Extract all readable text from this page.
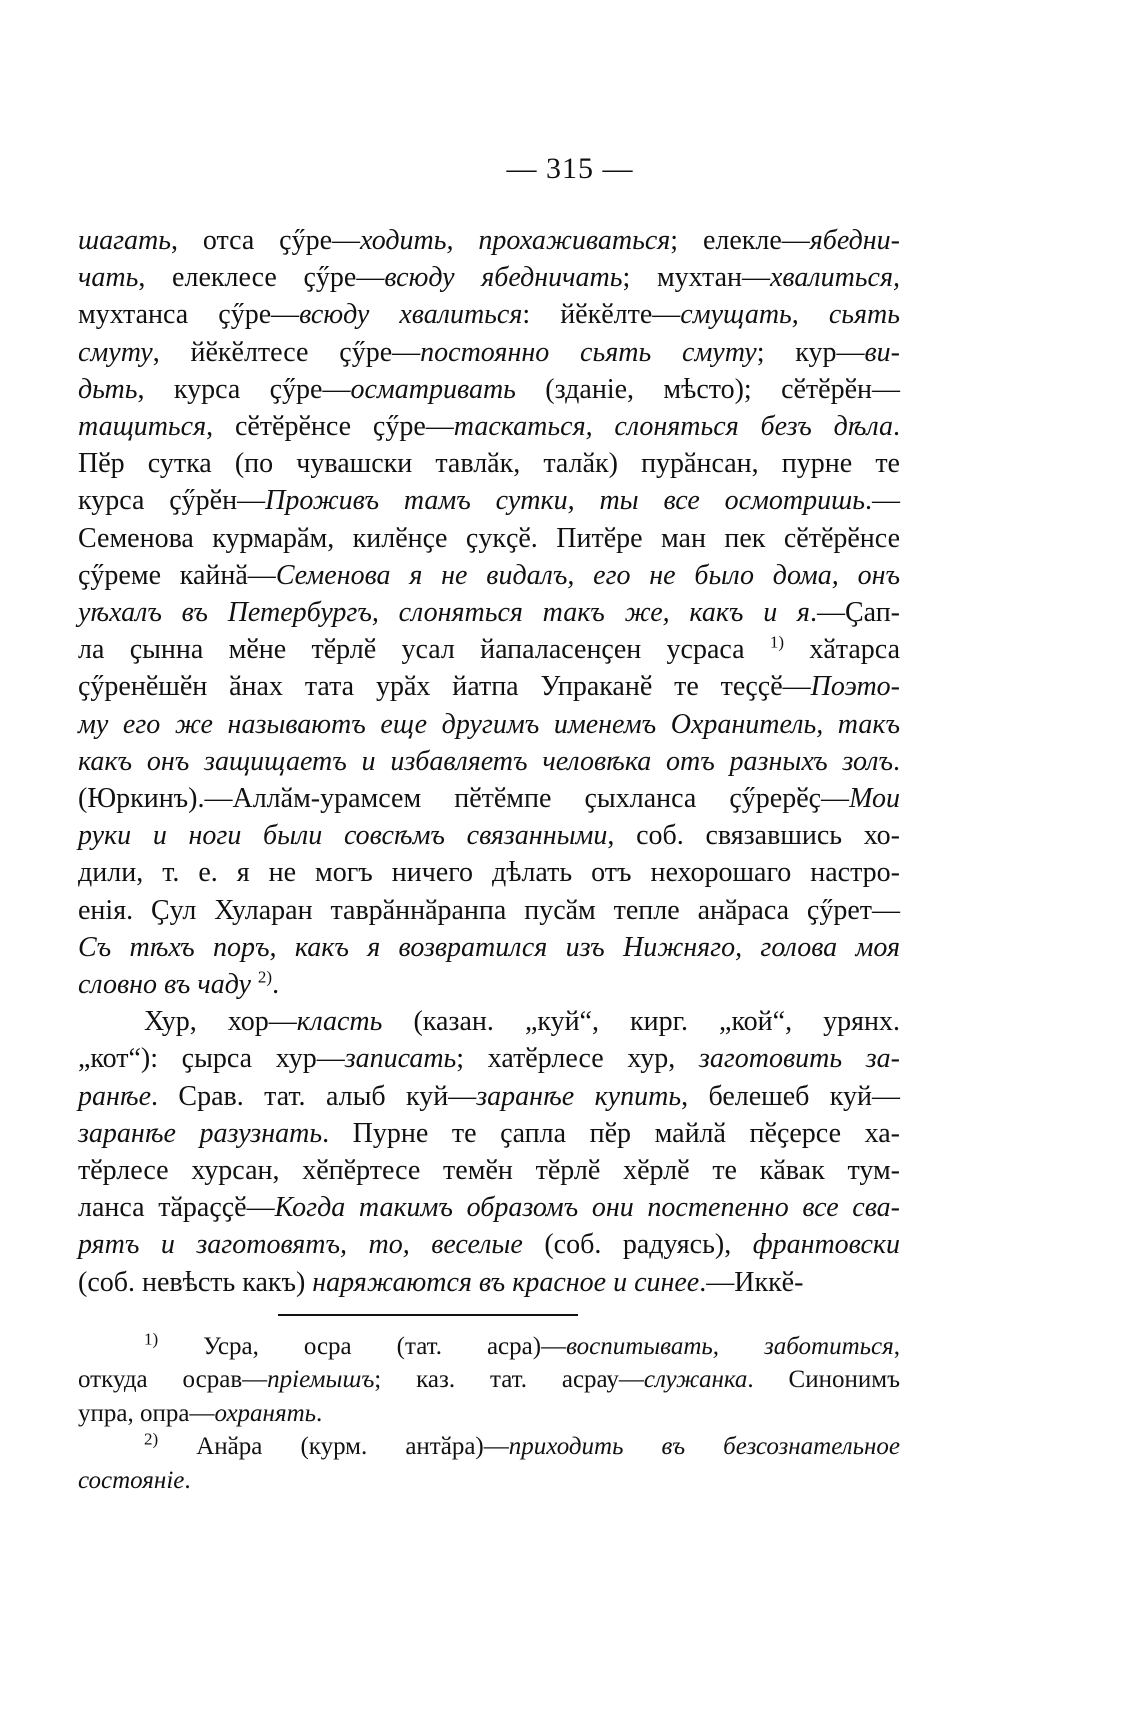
— 315 —

шагать, отса ҫӳре—ходить, прохаживаться; елекле—ябедни-
чать, елеклесе ҫӳре—всюду ябедничать; мухтан—хвалиться,
мухтанса ҫӳре—всюду хвалиться: йӗкӗлте—смущать, сьять
смуту, йӗкӗлтесе ҫӳре—постоянно сьять смуту; кур—ви-
дьть, курса ҫӳре—осматривать (зданіе, мѣсто); сӗтӗрӗн—
тащиться, сӗтӗрӗнсе ҫӳре—таскаться, слоняться безъ дѣла.
Пӗр сутка (по чувашски тавлӑк, талӑк) пурӑнсан, пурне те
курса ҫӳрӗн—Проживъ тамъ сутки, ты все осмотришь.—
Семенова курмарӑм, килӗнҫе ҫукҫӗ. Питӗре ман пек сӗтӗрӗнсе
ҫӳреме кайнӑ—Семенова я не видалъ, его не было дома, онъ
уѣхалъ въ Петербургъ, слоняться такъ же, какъ и я.—Ҫап-
ла ҫынна мӗне тӗрлӗ усал йапаласенҫен усраса $^{1)}$ хӑтарса
ҫӳренӗшӗн ӑнах тата урӑх йатпа Упраканӗ те теҫҫӗ—Поэто-
му его же называютъ еще другимъ именемъ Охранитель, такъ
какъ онъ защищаетъ и избавляетъ человѣка отъ разныхъ золъ.
(Юркинъ).—Аллӑм-урамсем пӗтӗмпе ҫыхланса ҫӳрерӗҫ—Мои
руки и ноги были совсѣмъ связанными, соб. связавшись хо-
дили, т. е. я не могъ ничего дѣлать отъ нехорошаго настро-
енія. Ҫул Хуларан таврӑннӑранпа пусӑм тепле анӑраса ҫӳрет—
Съ тѣхъ поръ, какъ я возвратился изъ Нижняго, голова моя
словно въ чаду $^{2)}$.

Хур, хор—класть (казан. „куй“, кирг. „кой“, урянх.
„кот“): ҫырса хур—записать; хатӗрлесе хур, заготовить за-
ранѣе. Срав. тат. алыб куй—заранѣе купить, белешеб куй—
заранѣе разузнать. Пурне те ҫапла пӗр майлӑ пӗҫерсе ха-
тӗрлесе хурсан, хӗпӗртесе темӗн тӗрлӗ хӗрлӗ те кӑвак тум-
ланса тӑраҫҫӗ—Когда такимъ образомъ они постепенно все сва-
рятъ и заготовятъ, то, веселые (соб. радуясь), франтовски
(соб. невѣсть какъ) наряжаются въ красное и синее.—Иккӗ-

$^{1)}$ Усра, осра (тат. асра)—воспитывать, заботиться,
откуда осрав—пріемышъ; каз. тат. асрау—служанка. Синонимъ
упра, опра—охранять.
$^{2)}$ Анӑра (курм. антӑра)—приходить въ безсознательное
состояніе.
